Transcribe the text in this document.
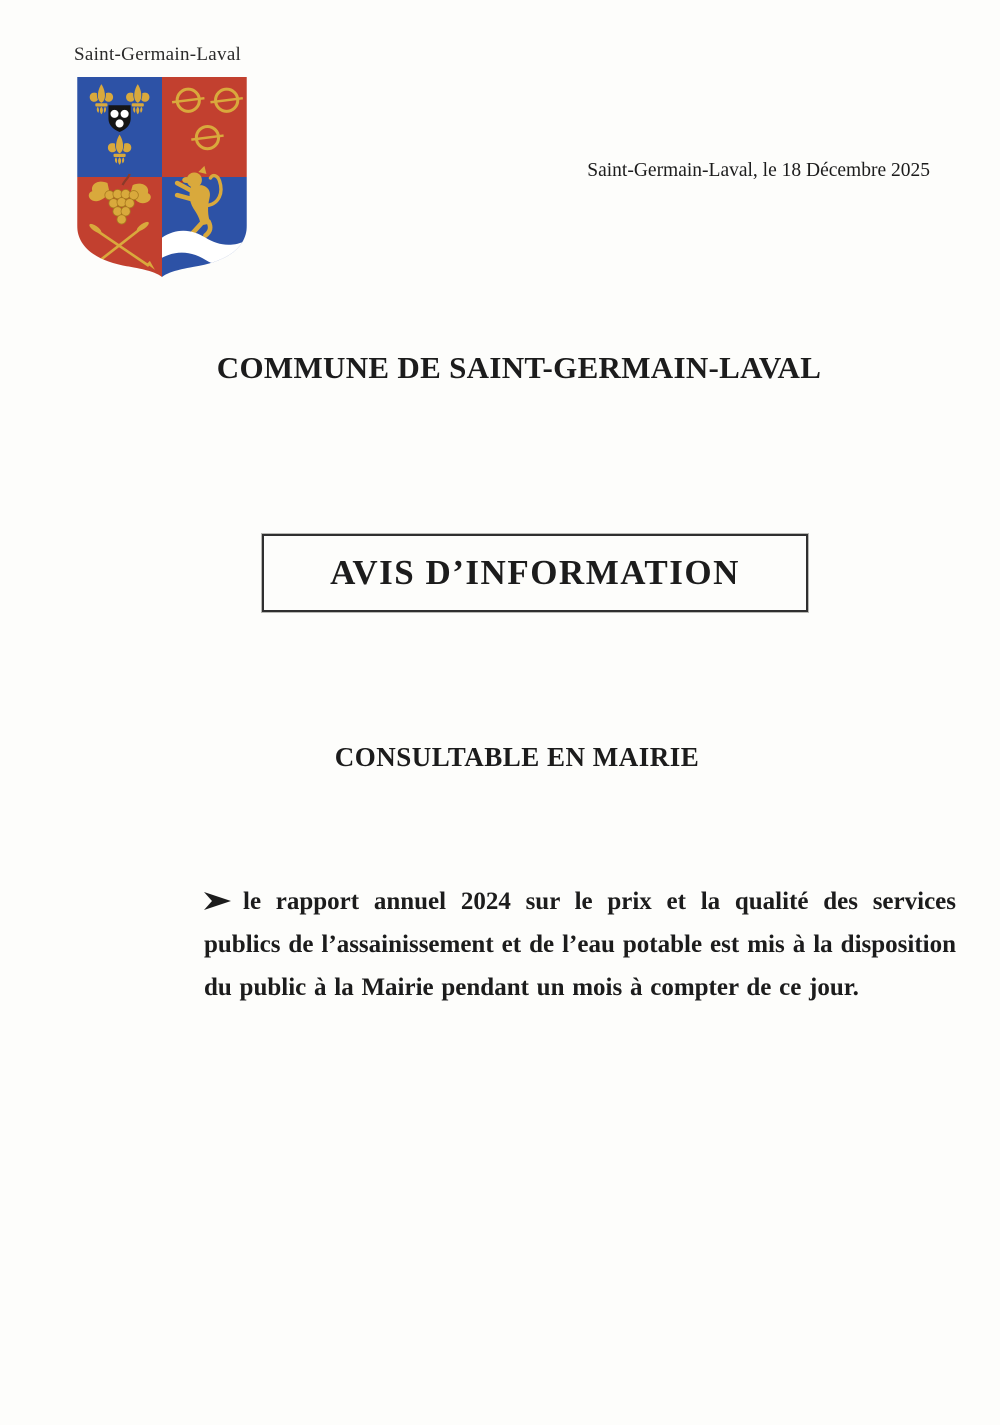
Saint-Germain-Laval
Saint-Germain-Laval, le 18 Décembre 2025
COMMUNE DE SAINT-GERMAIN-LAVAL
AVIS D’INFORMATION
CONSULTABLE EN MAIRIE

le rapport annuel 2024 sur le prix et la qualité des services publics de l’assainissement et de l’eau potable est mis à la disposition du public à la Mairie pendant un mois à compter de ce jour.
